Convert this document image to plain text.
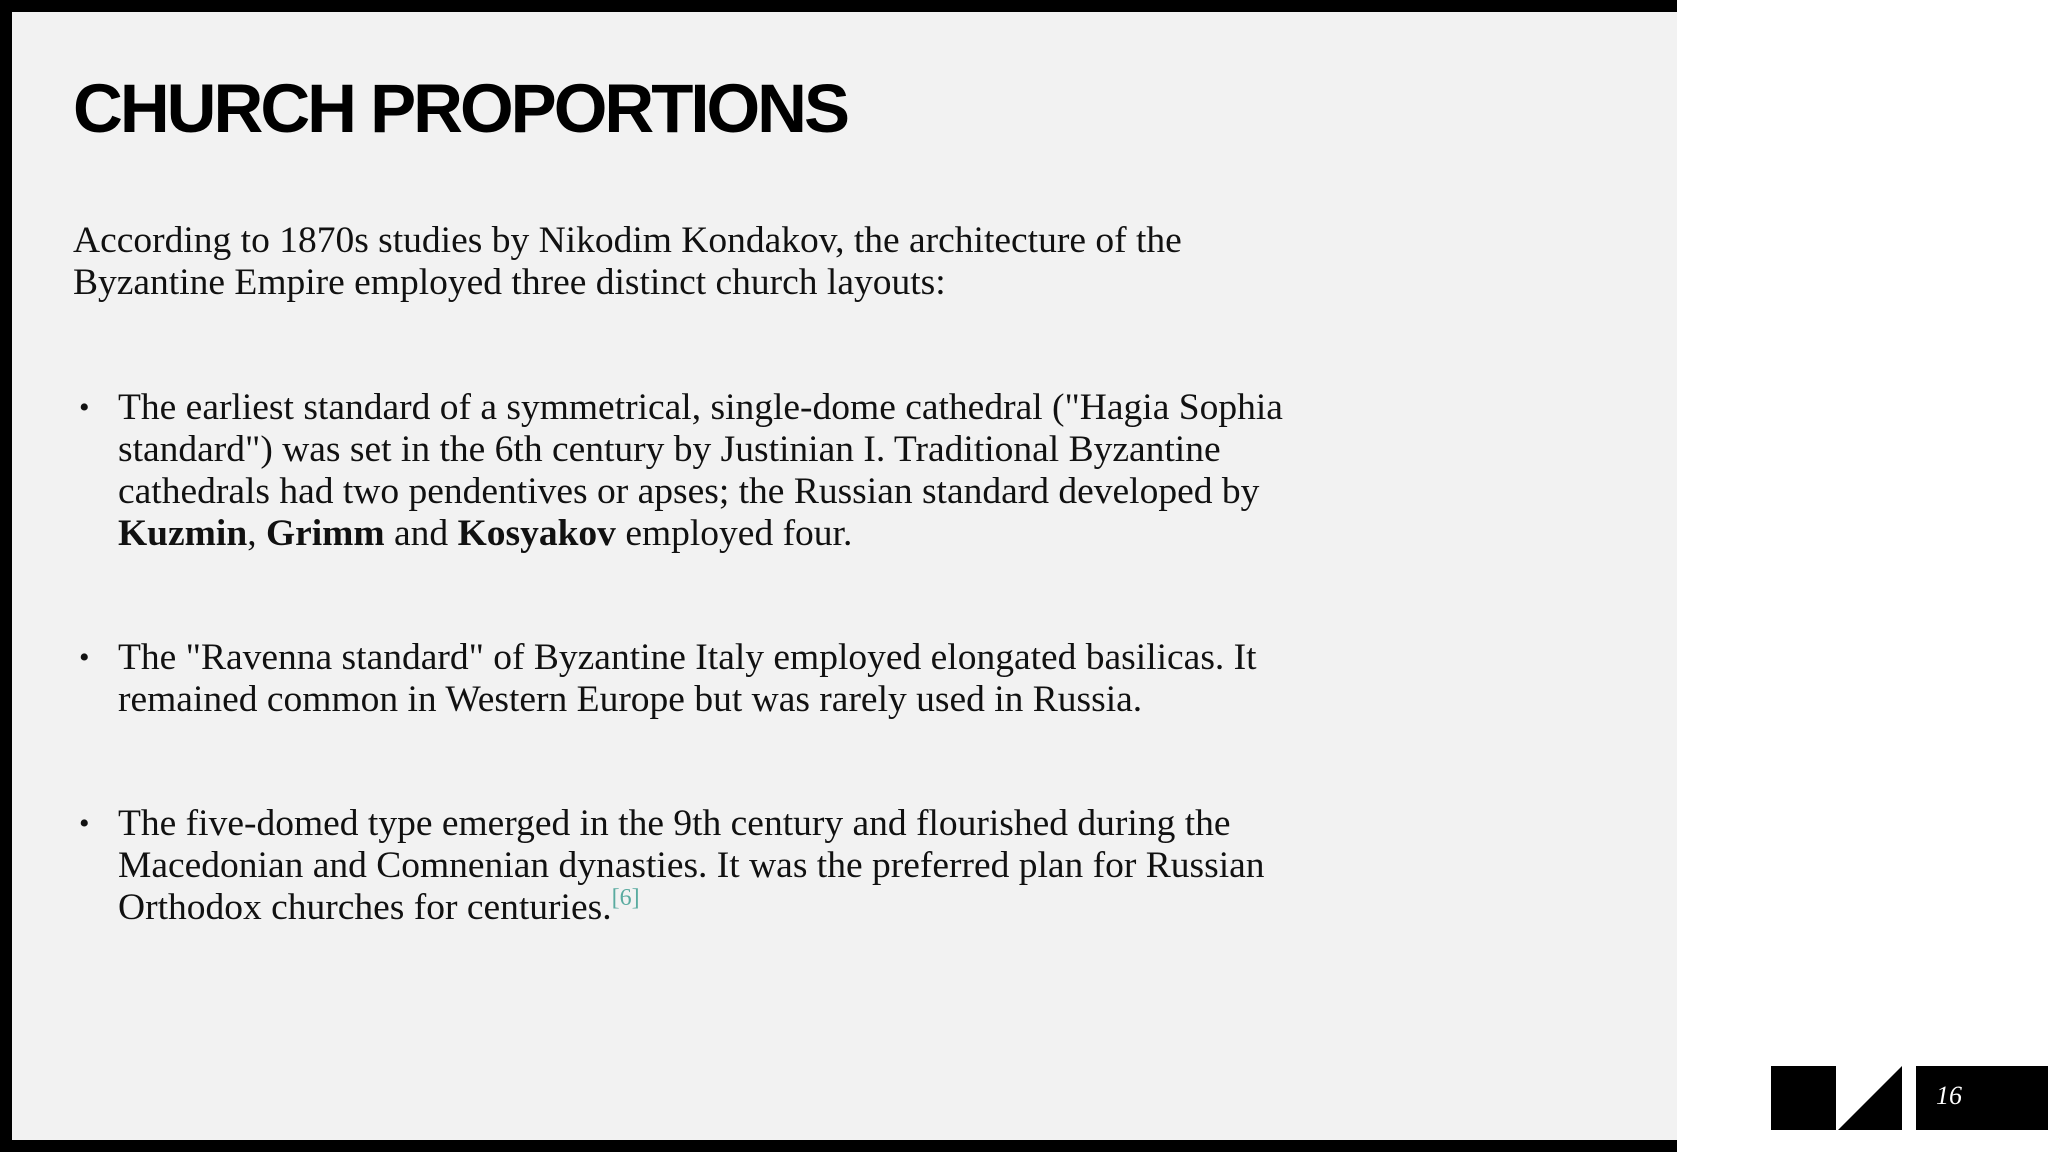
CHURCH PROPORTIONS

According to 1870s studies by Nikodim Kondakov, the architecture of the Byzantine Empire employed three distinct church layouts:

• The earliest standard of a symmetrical, single-dome cathedral ("Hagia Sophia standard") was set in the 6th century by Justinian I. Traditional Byzantine cathedrals had two pendentives or apses; the Russian standard developed by Kuzmin, Grimm and Kosyakov employed four.
• The "Ravenna standard" of Byzantine Italy employed elongated basilicas. It remained common in Western Europe but was rarely used in Russia.
• The five-domed type emerged in the 9th century and flourished during the Macedonian and Comnenian dynasties. It was the preferred plan for Russian Orthodox churches for centuries.[6]
16
